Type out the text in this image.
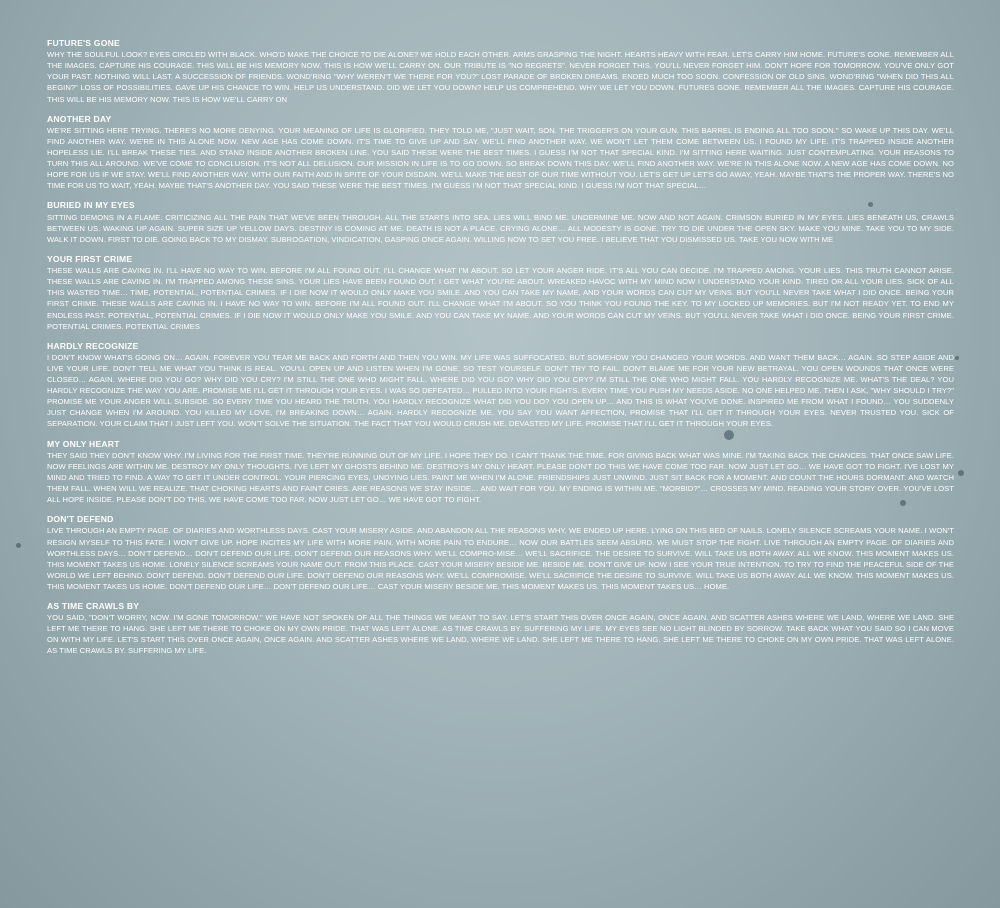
FUTURE'S GONE

WHY THE SOULFUL LOOK? EYES CIRCLED WITH BLACK. WHO'D MAKE THE CHOICE TO DIE ALONE? WE HOLD EACH OTHER. ARMS GRASPING THE NIGHT. HEARTS HEAVY WITH FEAR. LET'S CARRY HIM HOME. FUTURE'S GONE. REMEMBER ALL THE IMAGES. CAPTURE HIS COURAGE. THIS WILL BE HIS MEMORY NOW. THIS IS HOW WE'LL CARRY ON. OUR TRIBUTE IS "NO REGRETS". NEVER FORGET THIS. YOU'LL NEVER FORGET HIM. DON'T HOPE FOR TOMORROW. YOU'VE ONLY GOT YOUR PAST. NOTHING WILL LAST. A SUCCESSION OF FRIENDS. WOND'RING "WHY WEREN'T WE THERE FOR YOU?" LOST PARADE OF BROKEN DREAMS. ENDED MUCH TOO SOON. CONFESSION OF OLD SINS. WOND'RING "WHEN DID THIS ALL BEGIN?" LOSS OF POSSIBILITIES. GAVE UP HIS CHANCE TO WIN. HELP US UNDERSTAND. DID WE LET YOU DOWN? HELP US COMPREHEND. WHY WE LET YOU DOWN. FUTURES GONE. REMEMBER ALL THE IMAGES. CAPTURE HIS COURAGE. THIS WILL BE HIS MEMORY NOW. THIS IS HOW WE'LL CARRY ON

ANOTHER DAY

WE'RE SITTING HERE TRYING. THERE'S NO MORE DENYING. YOUR MEANING OF LIFE IS GLORIFIED. THEY TOLD ME, "JUST WAIT, SON. THE TRIGGER'S ON YOUR GUN. THIS BARREL IS ENDING ALL TOO SOON." SO WAKE UP THIS DAY. WE'LL FIND ANOTHER WAY. WE'RE IN THIS ALONE NOW. NEW AGE HAS COME DOWN. IT'S TIME TO GIVE UP AND SAY. WE'LL FIND ANOTHER WAY. WE WON'T LET THEM COME BETWEEN US. I FOUND MY LIFE. IT'S TRAPPED INSIDE ANOTHER HOPELESS LIE. I'LL BREAK THESE TIES. AND STAND INSIDE ANOTHER BROKEN LINE. YOU SAID THESE WERE THE BEST TIMES. I GUESS I'M NOT THAT SPECIAL KIND. I'M SITTING HERE WAITING. JUST CONTEMPLATING. YOUR REASONS TO TURN THIS ALL AROUND. WE'VE COME TO CONCLUSION. IT'S NOT ALL DELUSION. OUR MISSION IN LIFE IS TO GO DOWN. SO BREAK DOWN THIS DAY. WE'LL FIND ANOTHER WAY. WE'RE IN THIS ALONE NOW. A NEW AGE HAS COME DOWN. NO HOPE FOR US IF WE STAY. WE'LL FIND ANOTHER WAY. WITH OUR FAITH AND IN SPITE OF YOUR DISDAIN. WE'LL MAKE THE BEST OF OUR TIME WITHOUT YOU. LET'S GET UP LET'S GO AWAY, YEAH. MAYBE THAT'S THE PROPER WAY. THERE'S NO TIME FOR US TO WAIT, YEAH. MAYBE THAT'S ANOTHER DAY. YOU SAID THESE WERE THE BEST TIMES. I'M GUESS I'M NOT THAT SPECIAL KIND. I GUESS I'M NOT THAT SPECIAL…

BURIED IN MY EYES

SITTING DEMONS IN A FLAME. CRITICIZING ALL THE PAIN THAT WE'VE BEEN THROUGH. ALL THE STARTS INTO SEA. LIES WILL BIND ME. UNDERMINE ME. NOW AND NOT AGAIN. CRIMSON BURIED IN MY EYES. LIES BENEATH US, CRAWLS BETWEEN US. WAKING UP AGAIN. SUPER SIZE UP YELLOW DAYS. DESTINY IS COMING AT ME. DEATH IS NOT A PLACE. CRYING ALONE… ALL MODESTY IS GONE. TRY TO DIE UNDER THE OPEN SKY. MAKE YOU MINE. TAKE YOU TO MY SIDE. WALK IT DOWN. FIRST TO DIE. GOING BACK TO MY DISMAY. SUBROGATION, VINDICATION, GASPING ONCE AGAIN. WILLING NOW TO SET YOU FREE. I BELIEVE THAT YOU DISMISSED US. TAKE YOU NOW WITH ME

YOUR FIRST CRIME

THESE WALLS ARE CAVING IN. I'LL HAVE NO WAY TO WIN. BEFORE I'M ALL FOUND OUT. I'LL CHANGE WHAT I'M ABOUT. SO LET YOUR ANGER RIDE. IT'S ALL YOU CAN DECIDE. I'M TRAPPED AMONG. YOUR LIES. THIS TRUTH CANNOT ARISE. THESE WALLS ARE CAVING IN. I'M TRAPPED AMONG THESE SINS. YOUR LIES HAVE BEEN FOUND OUT. I GET WHAT YOU'RE ABOUT. WREAKED HAVOC WITH MY MIND NOW I UNDERSTAND YOUR KIND. TIRED OR ALL YOUR LIES. SICK OF ALL THIS WASTED TIME… TIME, POTENTIAL, POTENTIAL CRIMES. IF I DIE NOW IT WOULD ONLY MAKE YOU SMILE. AND YOU CAN TAKE MY NAME, AND YOUR WORDS CAN CUT MY VEINS. BUT YOU'LL NEVER TAKE WHAT I DID ONCE. BEING YOUR FIRST CRIME. THESE WALLS ARE CAVING IN. I HAVE NO WAY TO WIN. BEFORE I'M ALL FOUND OUT. I'LL CHANGE WHAT I'M ABOUT. SO YOU THINK YOU FOUND THE KEY. TO MY LOCKED UP MEMORIES. BUT I'M NOT READY YET. TO END MY ENDLESS PAST. POTENTIAL, POTENTIAL CRIMES. IF I DIE NOW IT WOULD ONLY MAKE YOU SMILE. AND YOU CAN TAKE MY NAME. AND YOUR WORDS CAN CUT MY VEINS. BUT YOU'LL NEVER TAKE WHAT I DID ONCE. BEING YOUR FIRST CRIME. POTENTIAL CRIMES. POTENTIAL CRIMES

HARDLY RECOGNIZE

I DON'T KNOW WHAT'S GOING ON… AGAIN. FOREVER YOU TEAR ME BACK AND FORTH AND THEN YOU WIN. MY LIFE WAS SUFFOCATED. BUT SOMEHOW YOU CHANGED YOUR WORDS. AND WANT THEM BACK… AGAIN. SO STEP ASIDE AND LIVE YOUR LIFE. DON'T TELL ME WHAT YOU THINK IS REAL. YOU'LL OPEN UP AND LISTEN WHEN I'M GONE. SO TEST YOURSELF. DON'T TRY TO FAIL. DON'T BLAME ME FOR YOUR NEW BETRAYAL. YOU OPEN WOUNDS THAT ONCE WERE CLOSED… AGAIN. WHERE DID YOU GO? WHY DID YOU CRY? I'M STILL THE ONE WHO MIGHT FALL. WHERE DID YOU GO? WHY DID YOU CRY? I'M STILL THE ONE WHO MIGHT FALL. YOU HARDLY RECOGNIZE ME. WHAT'S THE DEAL? YOU HARDLY RECOGNIZE THE WAY YOU ARE. PROMISE ME I'LL GET IT THROUGH YOUR EYES. I WAS SO DEFEATED… PULLED INTO YOUR FIGHTS. EVERY TIME YOU PUSH MY NEEDS ASIDE. NO ONE HELPED ME. THEN I ASK, "WHY SHOULD I TRY?" PROMISE ME YOUR ANGER WILL SUBSIDE. SO EVERY TIME YOU HEARD THE TRUTH. YOU HARDLY RECOGNIZE WHAT DID YOU DO? YOU OPEN UP… AND THIS IS WHAT YOU'VE DONE. INSPIRED ME FROM WHAT I FOUND… YOU SUDDENLY JUST CHANGE WHEN I'M AROUND. YOU KILLED MY LOVE, I'M BREAKING DOWN… AGAIN. HARDLY RECOGNIZE ME. YOU SAY YOU WANT AFFECTION, PROMISE THAT I'LL GET IT THROUGH YOUR EYES. NEVER TRUSTED YOU. SICK OF SEPARATION. YOUR CLAIM THAT I JUST LEFT YOU. WON'T SOLVE THE SITUATION. THE FACT THAT YOU WOULD CRUSH ME. DEVASTED MY LIFE. PROMISE THAT I'LL GET IT THROUGH YOUR EYES.

MY ONLY HEART

THEY SAID THEY DON'T KNOW WHY. I'M LIVING FOR THE FIRST TIME. THEY'RE RUNNING OUT OF MY LIFE. I HOPE THEY DO. I CAN'T THANK THE TIME. FOR GIVING BACK WHAT WAS MINE. I'M TAKING BACK THE CHANCES. THAT ONCE SAW LIFE. NOW FEELINGS ARE WITHIN ME. DESTROY MY ONLY THOUGHTS. I'VE LEFT MY GHOSTS BEHIND ME. DESTROYS MY ONLY HEART. PLEASE DON'T DO THIS WE HAVE COME TOO FAR. NOW JUST LET GO… WE HAVE GOT TO FIGHT. I'VE LOST MY MIND AND TRIED TO FIND. A WAY TO GET IT UNDER CONTROL. YOUR PIERCING EYES, UNDYING LIES. PAINT ME WHEN I'M ALONE. FRIENDSHIPS JUST UNWIND. JUST SIT BACK FOR A MOMENT. AND COUNT THE HOURS DORMANT. AND WATCH THEM FALL. WHEN WILL WE REALIZE. THAT CHOKING HEARTS AND FAINT CRIES. ARE REASONS WE STAY INSIDE… AND WAIT FOR YOU. MY ENDING IS WITHIN ME. "MORBID?"… CROSSES MY MIND. READING YOUR STORY OVER. YOU'VE LOST ALL HOPE INSIDE. PLEASE DON'T DO THIS. WE HAVE COME TOO FAR. NOW JUST LET GO… WE HAVE GOT TO FIGHT.

DON'T DEFEND

LIVE THROUGH AN EMPTY PAGE. OF DIARIES AND WORTHLESS DAYS. CAST YOUR MISERY ASIDE. AND ABANDON ALL THE REASONS WHY. WE ENDED UP HERE. LYING ON THIS BED OF NAILS. LONELY SILENCE SCREAMS YOUR NAME. I WON'T RESIGN MYSELF TO THIS FATE. I WON'T GIVE UP. HOPE INCITES MY LIFE WITH MORE PAIN. WITH MORE PAIN TO ENDURE… NOW OUR BATTLES SEEM ABSURD. WE MUST STOP THE FIGHT. LIVE THROUGH AN EMPTY PAGE. OF DIARIES AND WORTHLESS DAYS… DON'T DEFEND… DON'T DEFEND OUR LIFE. DON'T DEFEND OUR REASONS WHY. WE'LL COMPRO-MISE… WE'LL SACRIFICE. THE DESIRE TO SURVIVE. WILL TAKE US BOTH AWAY. ALL WE KNOW. THIS MOMENT MAKES US. THIS MOMENT TAKES US HOME. LONELY SILENCE SCREAMS YOUR NAME OUT. FROM THIS PLACE. CAST YOUR MISERY BESIDE ME. BESIDE ME. DON'T GIVE UP. NOW I SEE YOUR TRUE INTENTION. TO TRY TO FIND THE PEACEFUL SIDE OF THE WORLD WE LEFT BEHIND. DON'T DEFEND. DON'T DEFEND OUR LIFE. DON'T DEFEND OUR REASONS WHY. WE'LL COMPROMISE. WE'LL SACRIFICE THE DESIRE TO SURVIVE. WILL TAKE US BOTH AWAY. ALL WE KNOW. THIS MOMENT MAKES US. THIS MOMENT TAKES US HOME. DON'T DEFEND OUR LIFE… DON'T DEFEND OUR LIFE… CAST YOUR MISERY BESIDE ME. THIS MOMENT MAKES US. THIS MOMENT TAKES US… HOME.

AS TIME CRAWLS BY

YOU SAID, "DON'T WORRY, NOW. I'M GONE TOMORROW." WE HAVE NOT SPOKEN OF ALL THE THINGS WE MEANT TO SAY. LET'S START THIS OVER ONCE AGAIN, ONCE AGAIN. AND SCATTER ASHES WHERE WE LAND, WHERE WE LAND. SHE LEFT ME THERE TO HANG. SHE LEFT ME THERE TO CHOKE ON MY OWN PRIDE. THAT WAS LEFT ALONE. AS TIME CRAWLS BY. SUFFERING MY LIFE. MY EYES SEE NO LIGHT BLINDED BY SORROW. TAKE BACK WHAT YOU SAID SO I CAN MOVE ON WITH MY LIFE. LET'S START THIS OVER ONCE AGAIN, ONCE AGAIN. AND SCATTER ASHES WHERE WE LAND, WHERE WE LAND. SHE LEFT ME THERE TO HANG. SHE LEFT ME THERE TO CHOKE ON MY OWN PRIDE. THAT WAS LEFT ALONE. AS TIME CRAWLS BY. SUFFERING MY LIFE.
